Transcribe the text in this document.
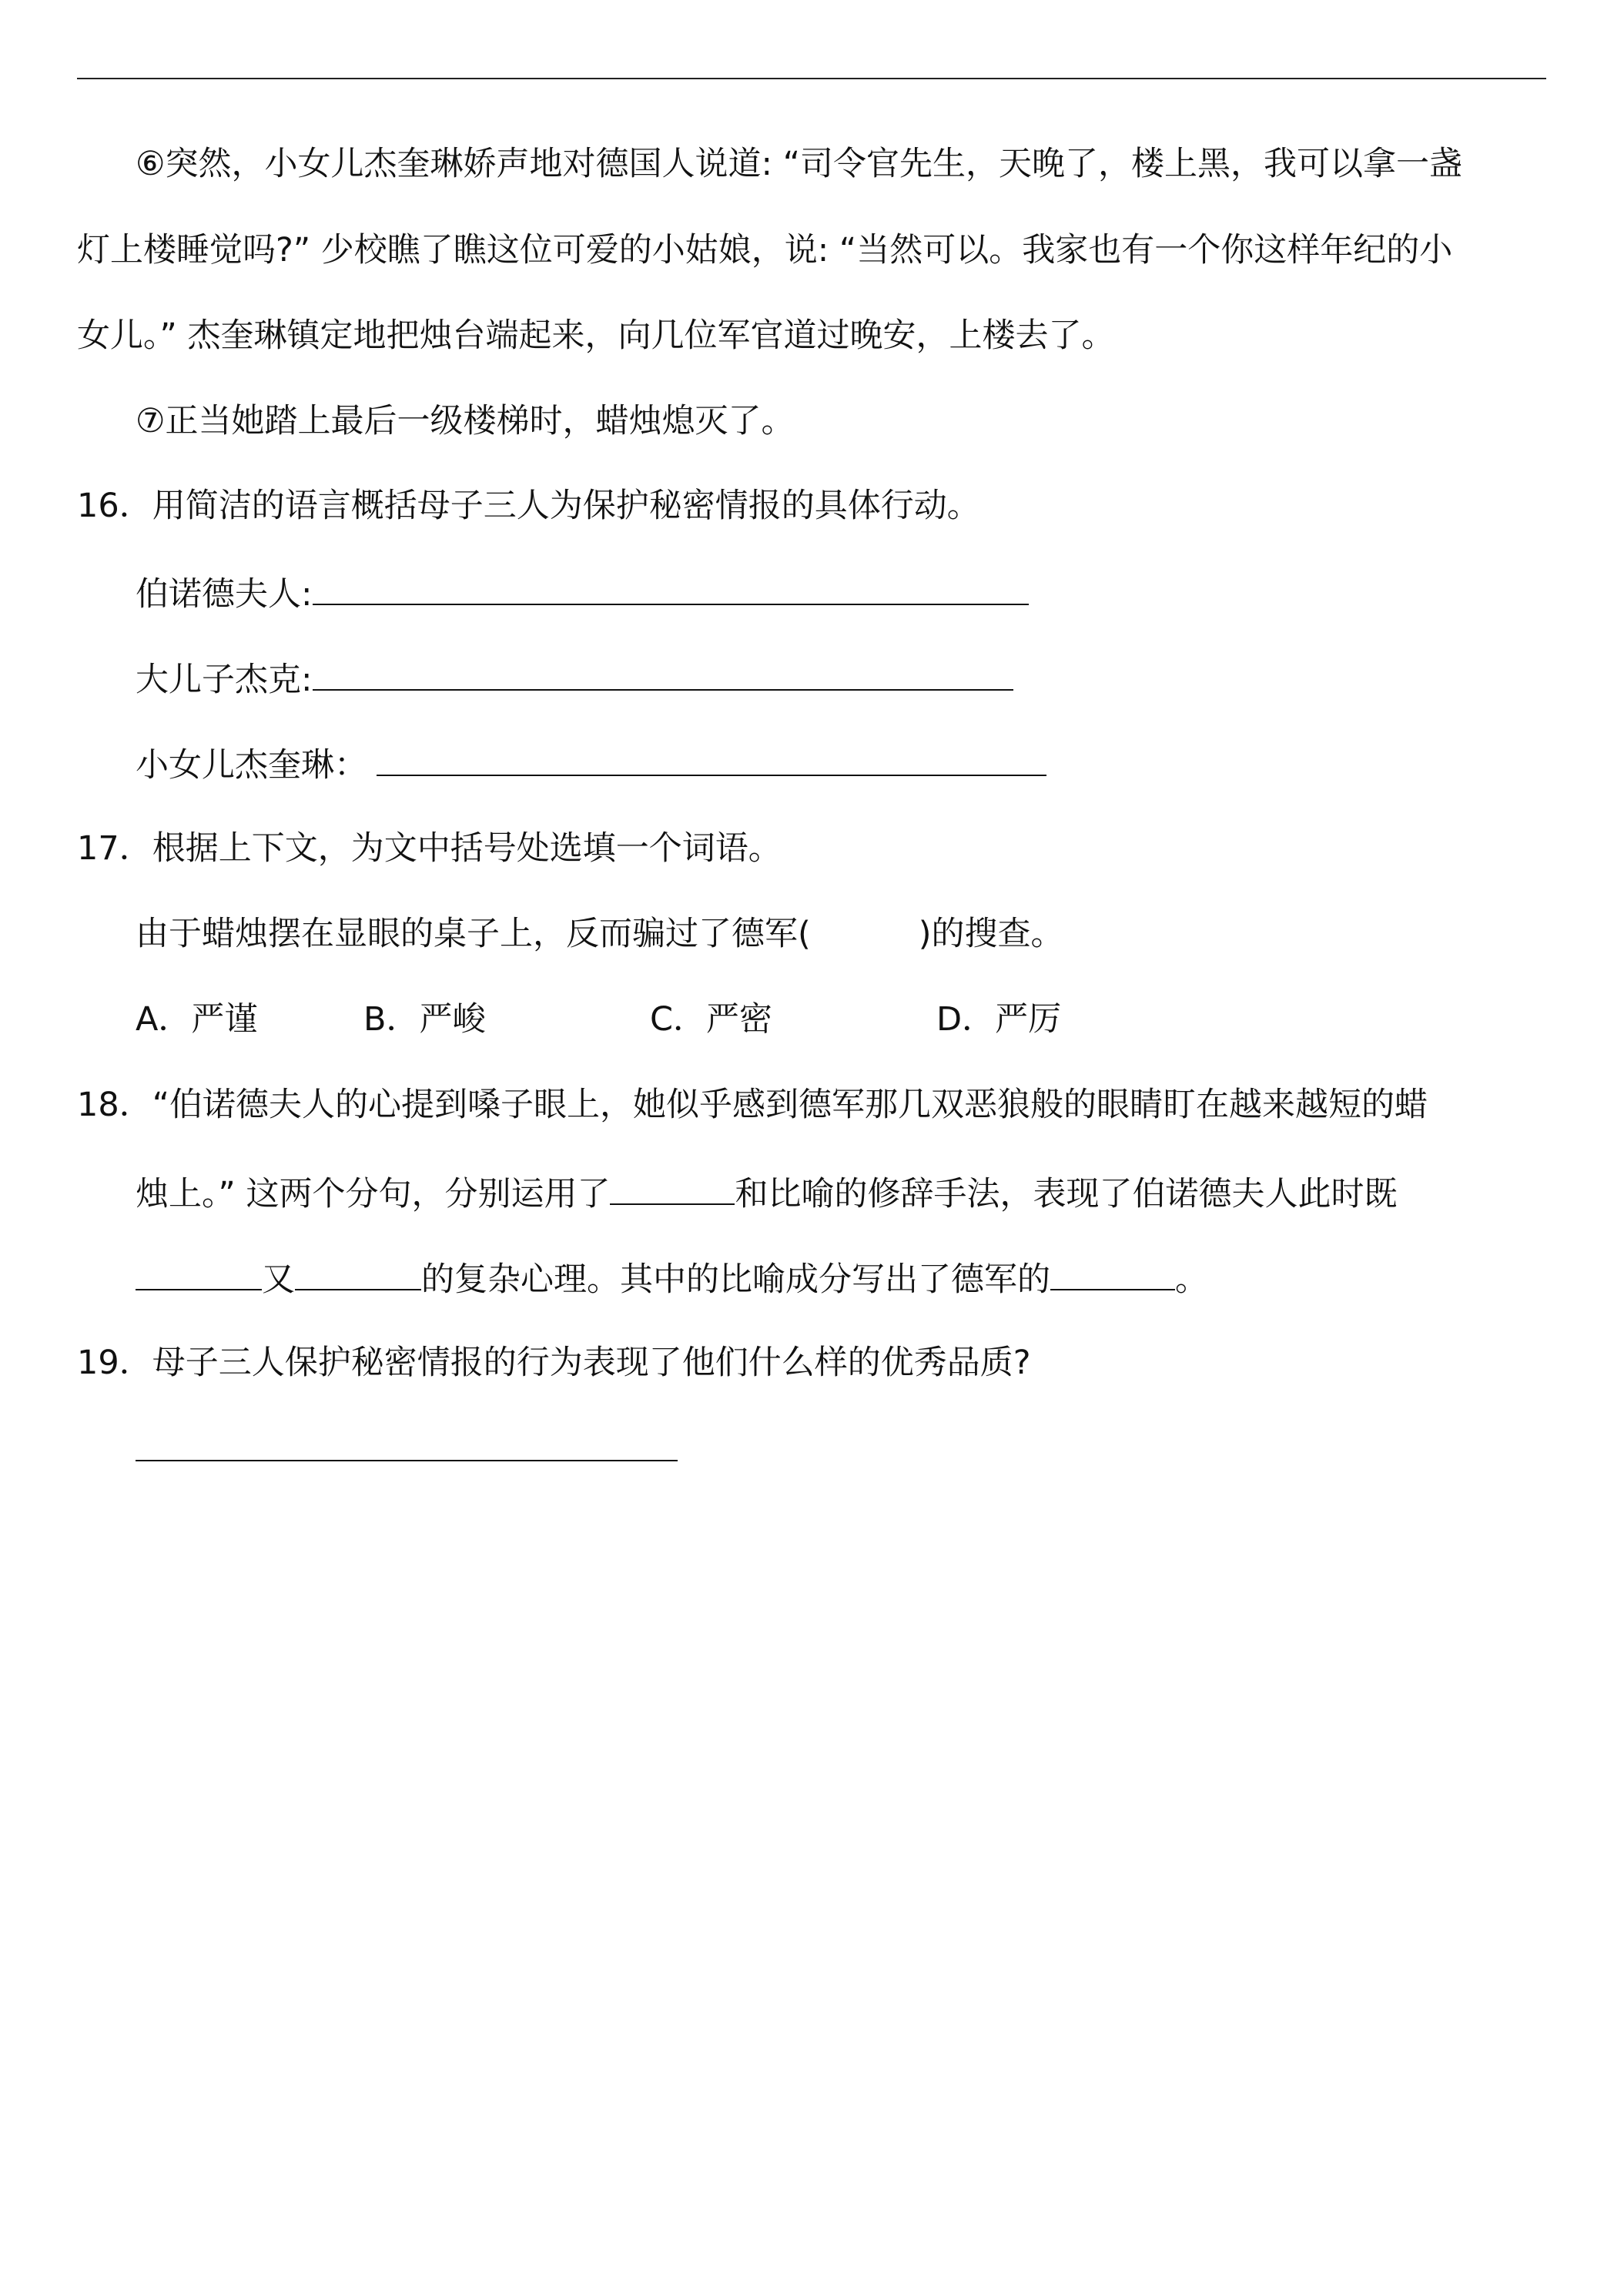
⑥突然，小女儿杰奎琳娇声地对德国人说道: “司令官先生，天晚了，楼上黑，我可以拿一盏
灯上楼睡觉吗?” 少校瞧了瞧这位可爱的小姑娘，说: “当然可以。我家也有一个你这样年纪的小
女儿。” 杰奎琳镇定地把烛台端起来，向几位军官道过晚安，上楼去了。
⑦正当她踏上最后一级楼梯时，蜡烛熄灭了。
16．用简洁的语言概括母子三人为保护秘密情报的具体行动。
伯诺德夫人:
大儿子杰克:
小女儿杰奎琳：
17．根据上下文，为文中括号处选填一个词语。
由于蜡烛摆在显眼的桌子上，反而骗过了德军(	)的搜查。
A．严谨	B．严峻	C．严密	D．严厉
18．“伯诺德夫人的心提到嗓子眼上，她似乎感到德军那几双恶狼般的眼睛盯在越来越短的蜡
烛上。” 这两个分句，分别运用了	和比喻的修辞手法，表现了伯诺德夫人此时既
又	的复杂心理。其中的比喻成分写出了德军的	。
19．母子三人保护秘密情报的行为表现了他们什么样的优秀品质?
